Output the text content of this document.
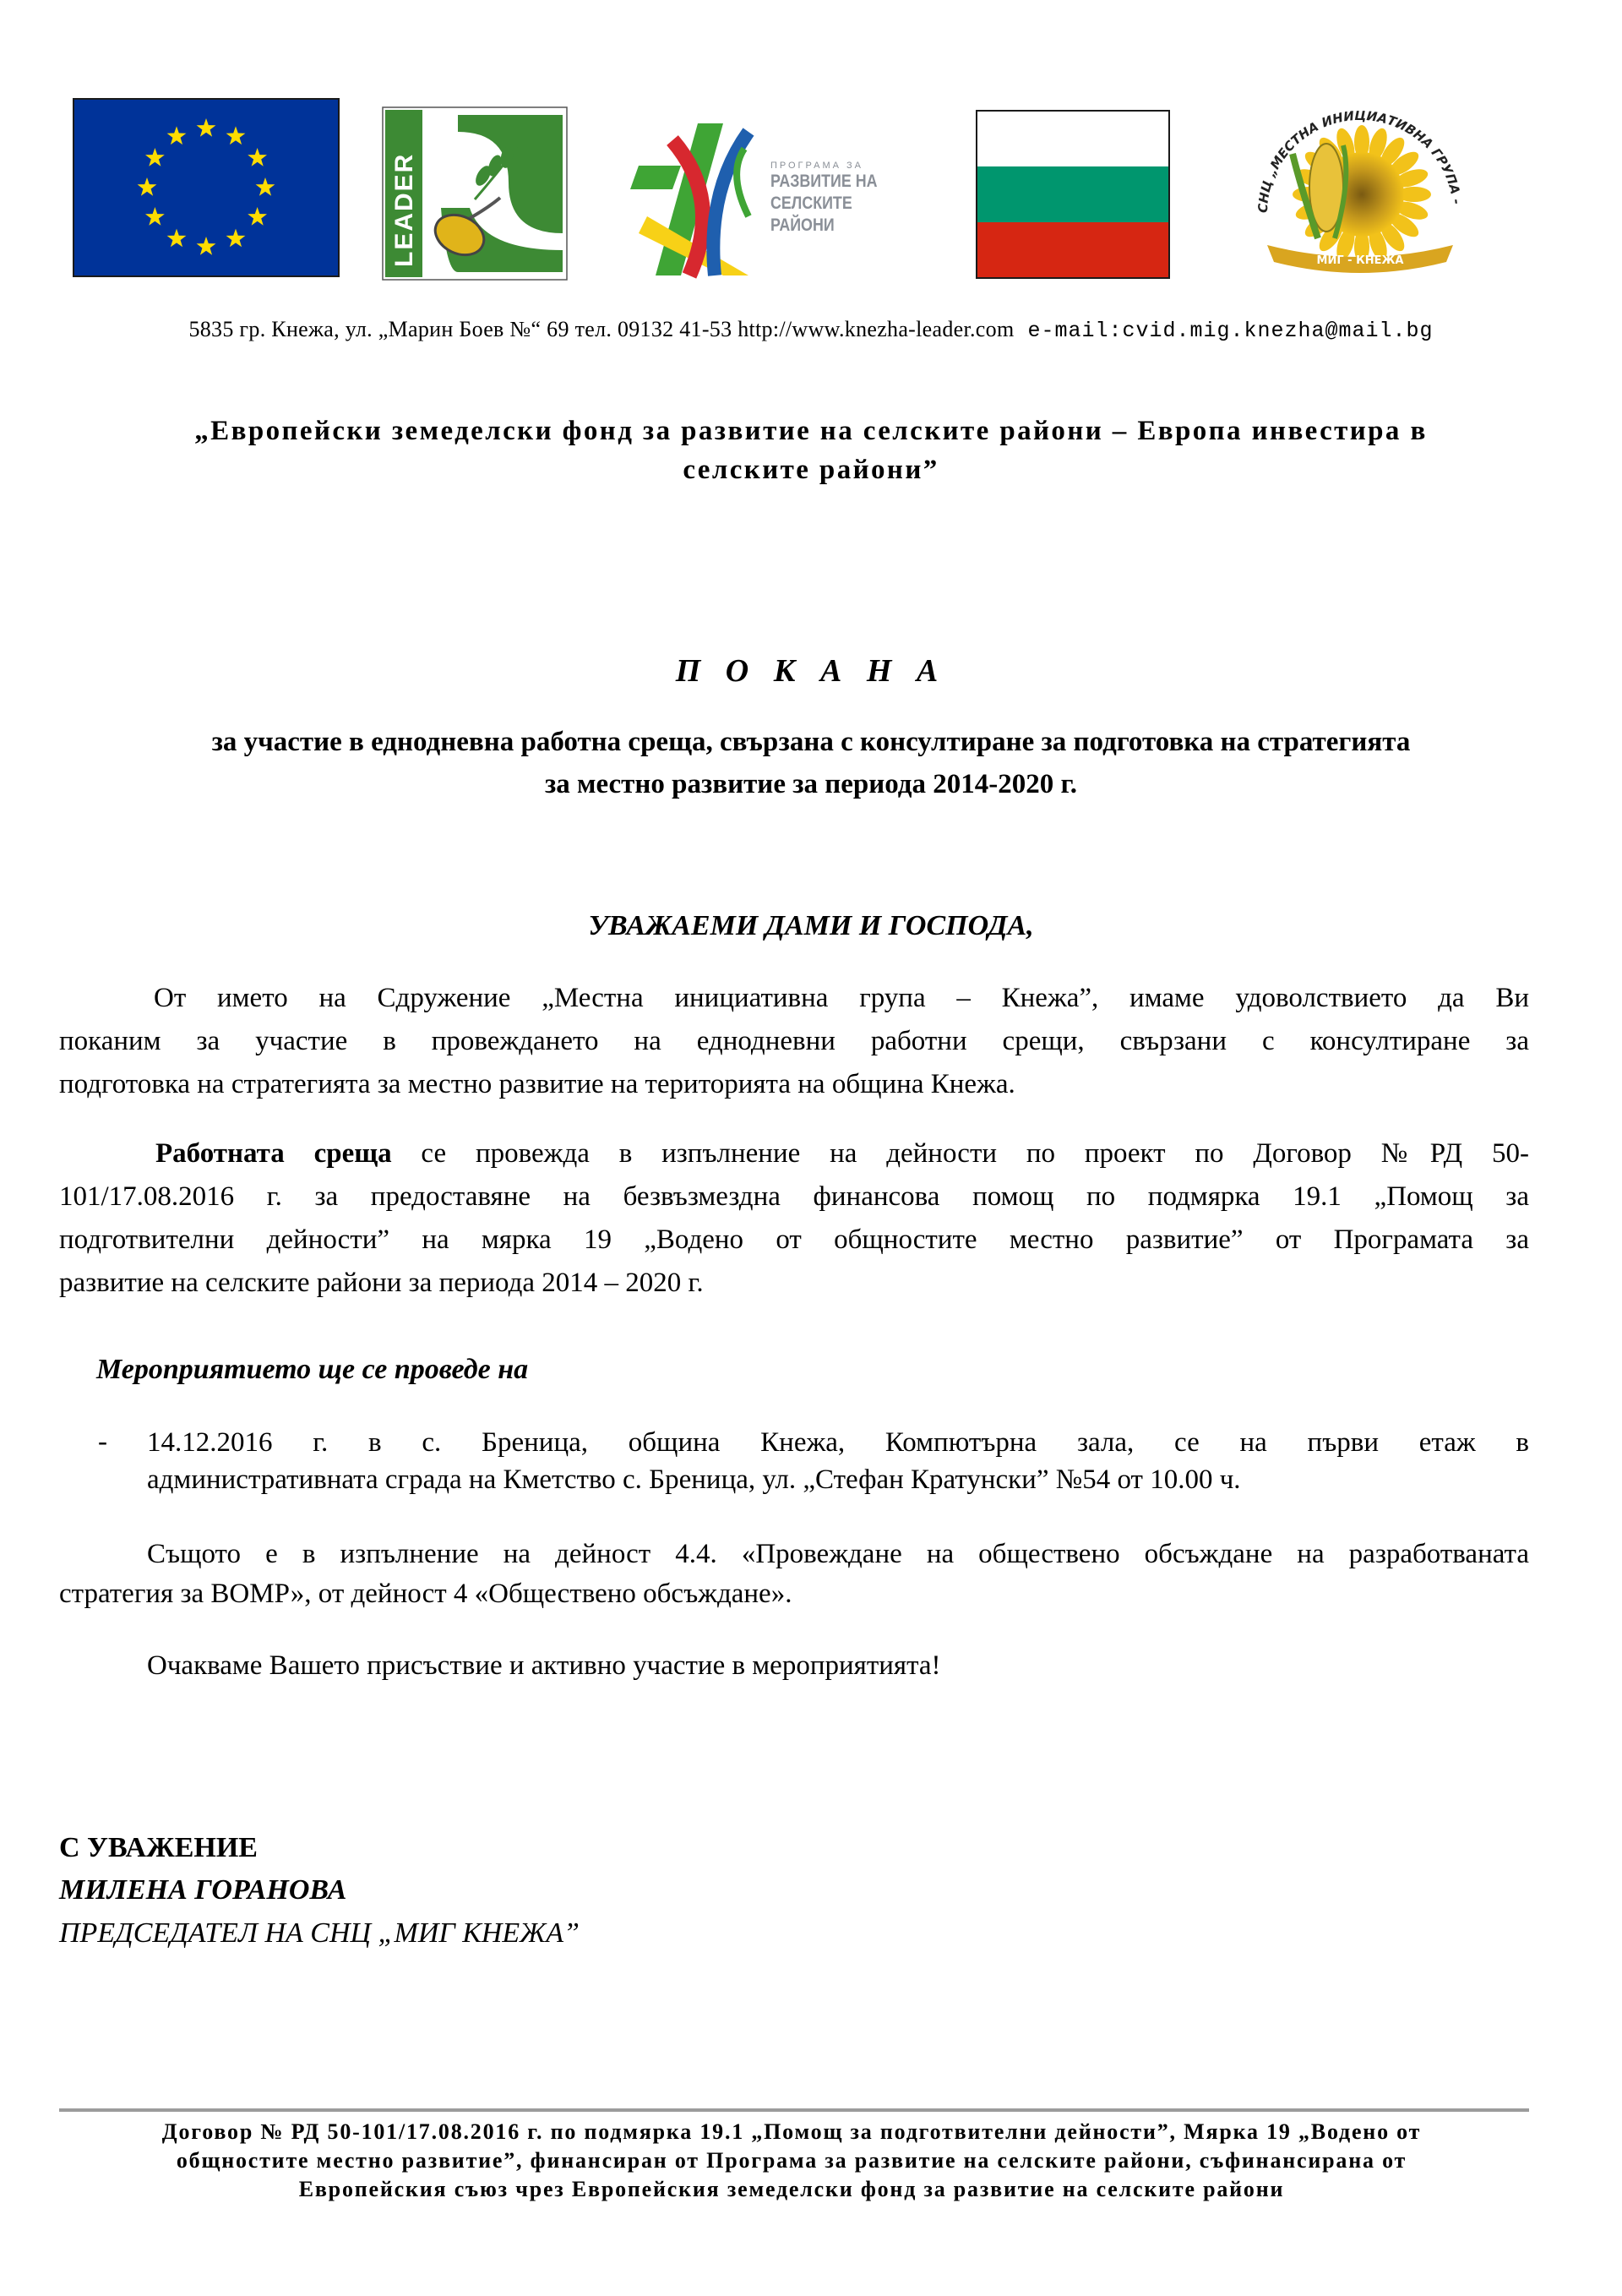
LEADER	ПРОГРАМА ЗА
РАЗВИТИЕ НА
СЕЛСКИТЕ РАЙОНИ
СНЦ „МЕСТНА ИНИЦИАТИВНА ГРУПА -
МИГ - КНЕЖА
5835 гр. Кнежа, ул. „Марин Боев №“ 69 тел. 09132 41-53 http://www.knezha-leader.com e-mail:cvid.mig.knezha@mail.bg
„Европейски земеделски фонд за развитие на селските райони – Европа инвестира в
селските райони”
П О К А Н А
за участие в еднодневна работна среща, свързана с консултиране за подготовка на стратегията
за местно развитие за периода 2014-2020 г.
УВАЖАЕМИ ДАМИ И ГОСПОДА,
От името на Сдружение „Местна инициативна група – Кнежа”, имаме удоволствието да Ви
поканим за участие в провеждането на еднодневни работни срещи, свързани с консултиране за
подготовка на стратегията за местно развитие на територията на община Кнежа.
Работната среща се провежда в изпълнение на дейности по проект по Договор №РД 50-
101/17.08.2016 г. за предоставяне на безвъзмездна финансова помощ по подмярка 19.1 „Помощ за
подготвителни дейности” на мярка 19 „Водено от общностите местно развитие” от Програмата за
развитие на селските райони за периода 2014 – 2020 г.
Мероприятието ще се проведе на
- 14.12.2016 г. в с. Бреница, община Кнежа, Компютърна зала, се на първи етаж в
административната сграда на Кметство с. Бреница, ул. „Стефан Кратунски” №54 от 10.00 ч.
Същото е в изпълнение на дейност 4.4. «Провеждане на обществено обсъждане на разработваната
стратегия за ВОМР», от дейност 4 «Обществено обсъждане».
Очакваме Вашето присъствие и активно участие в мероприятията!
С УВАЖЕНИЕ
МИЛЕНА ГОРАНОВА
ПРЕДСЕДАТЕЛ НА СНЦ „МИГ КНЕЖА”
Договор № РД 50-101/17.08.2016 г. по подмярка 19.1 „Помощ за подготвителни дейности”, Мярка 19 „Водено от
общностите местно развитие”, финансиран от Програма за развитие на селските райони, съфинансирана от
Европейския съюз чрез Европейския земеделски фонд за развитие на селските райони
